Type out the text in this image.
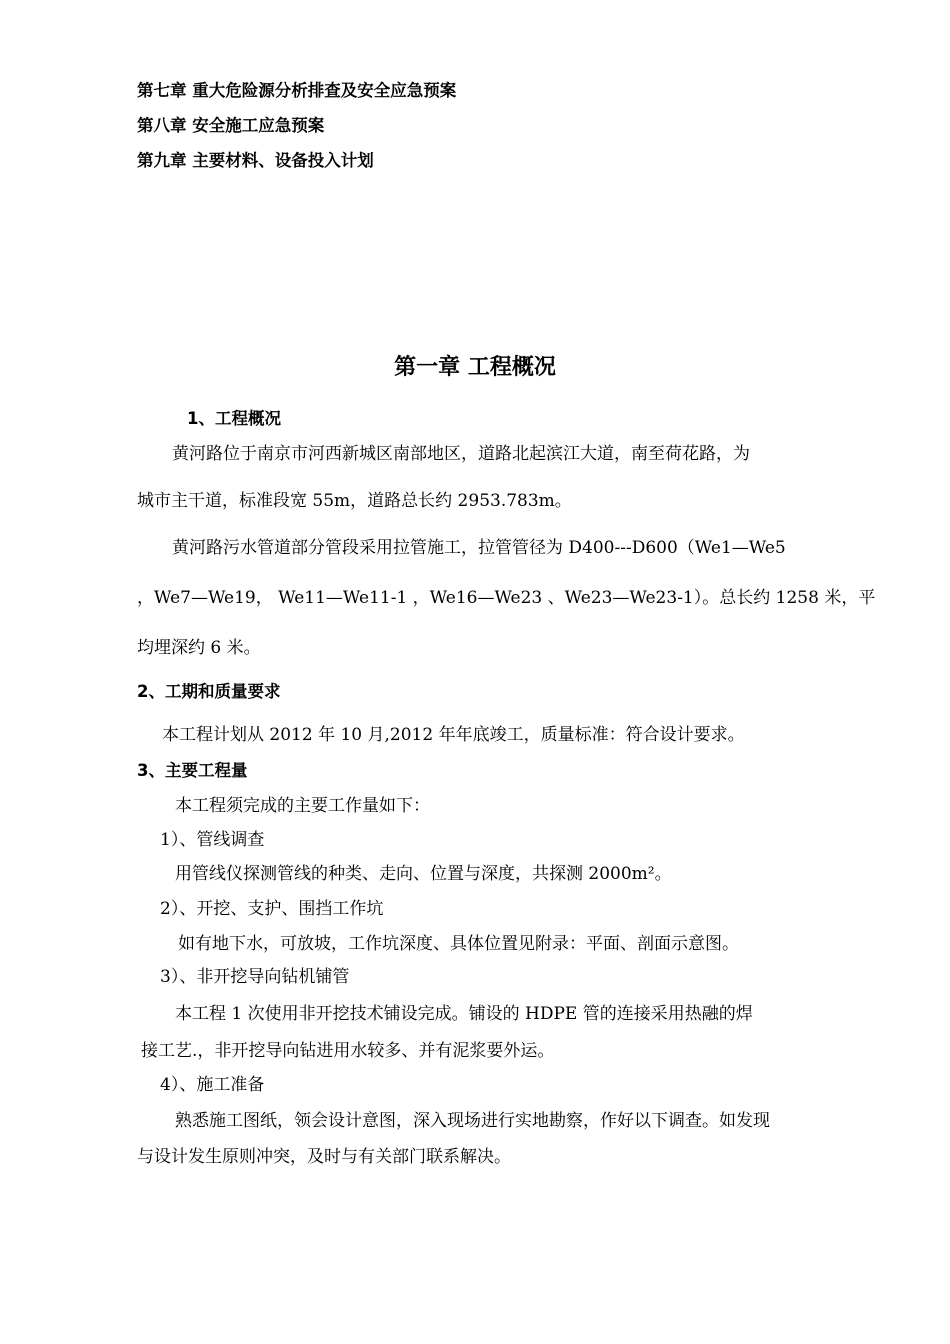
第七章 重大危险源分析排查及安全应急预案
第八章 安全施工应急预案
第九章 主要材料、设备投入计划
第一章 工程概况
1、工程概况
黄河路位于南京市河西新城区南部地区，道路北起滨江大道，南至荷花路，为
城市主干道，标准段宽 55m，道路总长约 2953.783m。
黄河路污水管道部分管段采用拉管施工，拉管管径为 D400---D600（We1—We5
，We7—We19， We11—We11-1 ，We16—We23 、We23—We23-1）。总长约 1258 米，平
均埋深约 6 米。
2、工期和质量要求
本工程计划从 2012 年 10 月,2012 年年底竣工，质量标准：符合设计要求。
3、主要工程量
本工程须完成的主要工作量如下：
1）、管线调查
用管线仪探测管线的种类、走向、位置与深度，共探测 2000m²。
2）、开挖、支护、围挡工作坑
如有地下水，可放坡，工作坑深度、具体位置见附录：平面、剖面示意图。
3）、非开挖导向钻机铺管
本工程 1 次使用非开挖技术铺设完成。铺设的 HDPE 管的连接采用热融的焊
接工艺.，非开挖导向钻进用水较多、并有泥浆要外运。
4）、施工准备
熟悉施工图纸，领会设计意图，深入现场进行实地勘察，作好以下调查。如发现
与设计发生原则冲突，及时与有关部门联系解决。
